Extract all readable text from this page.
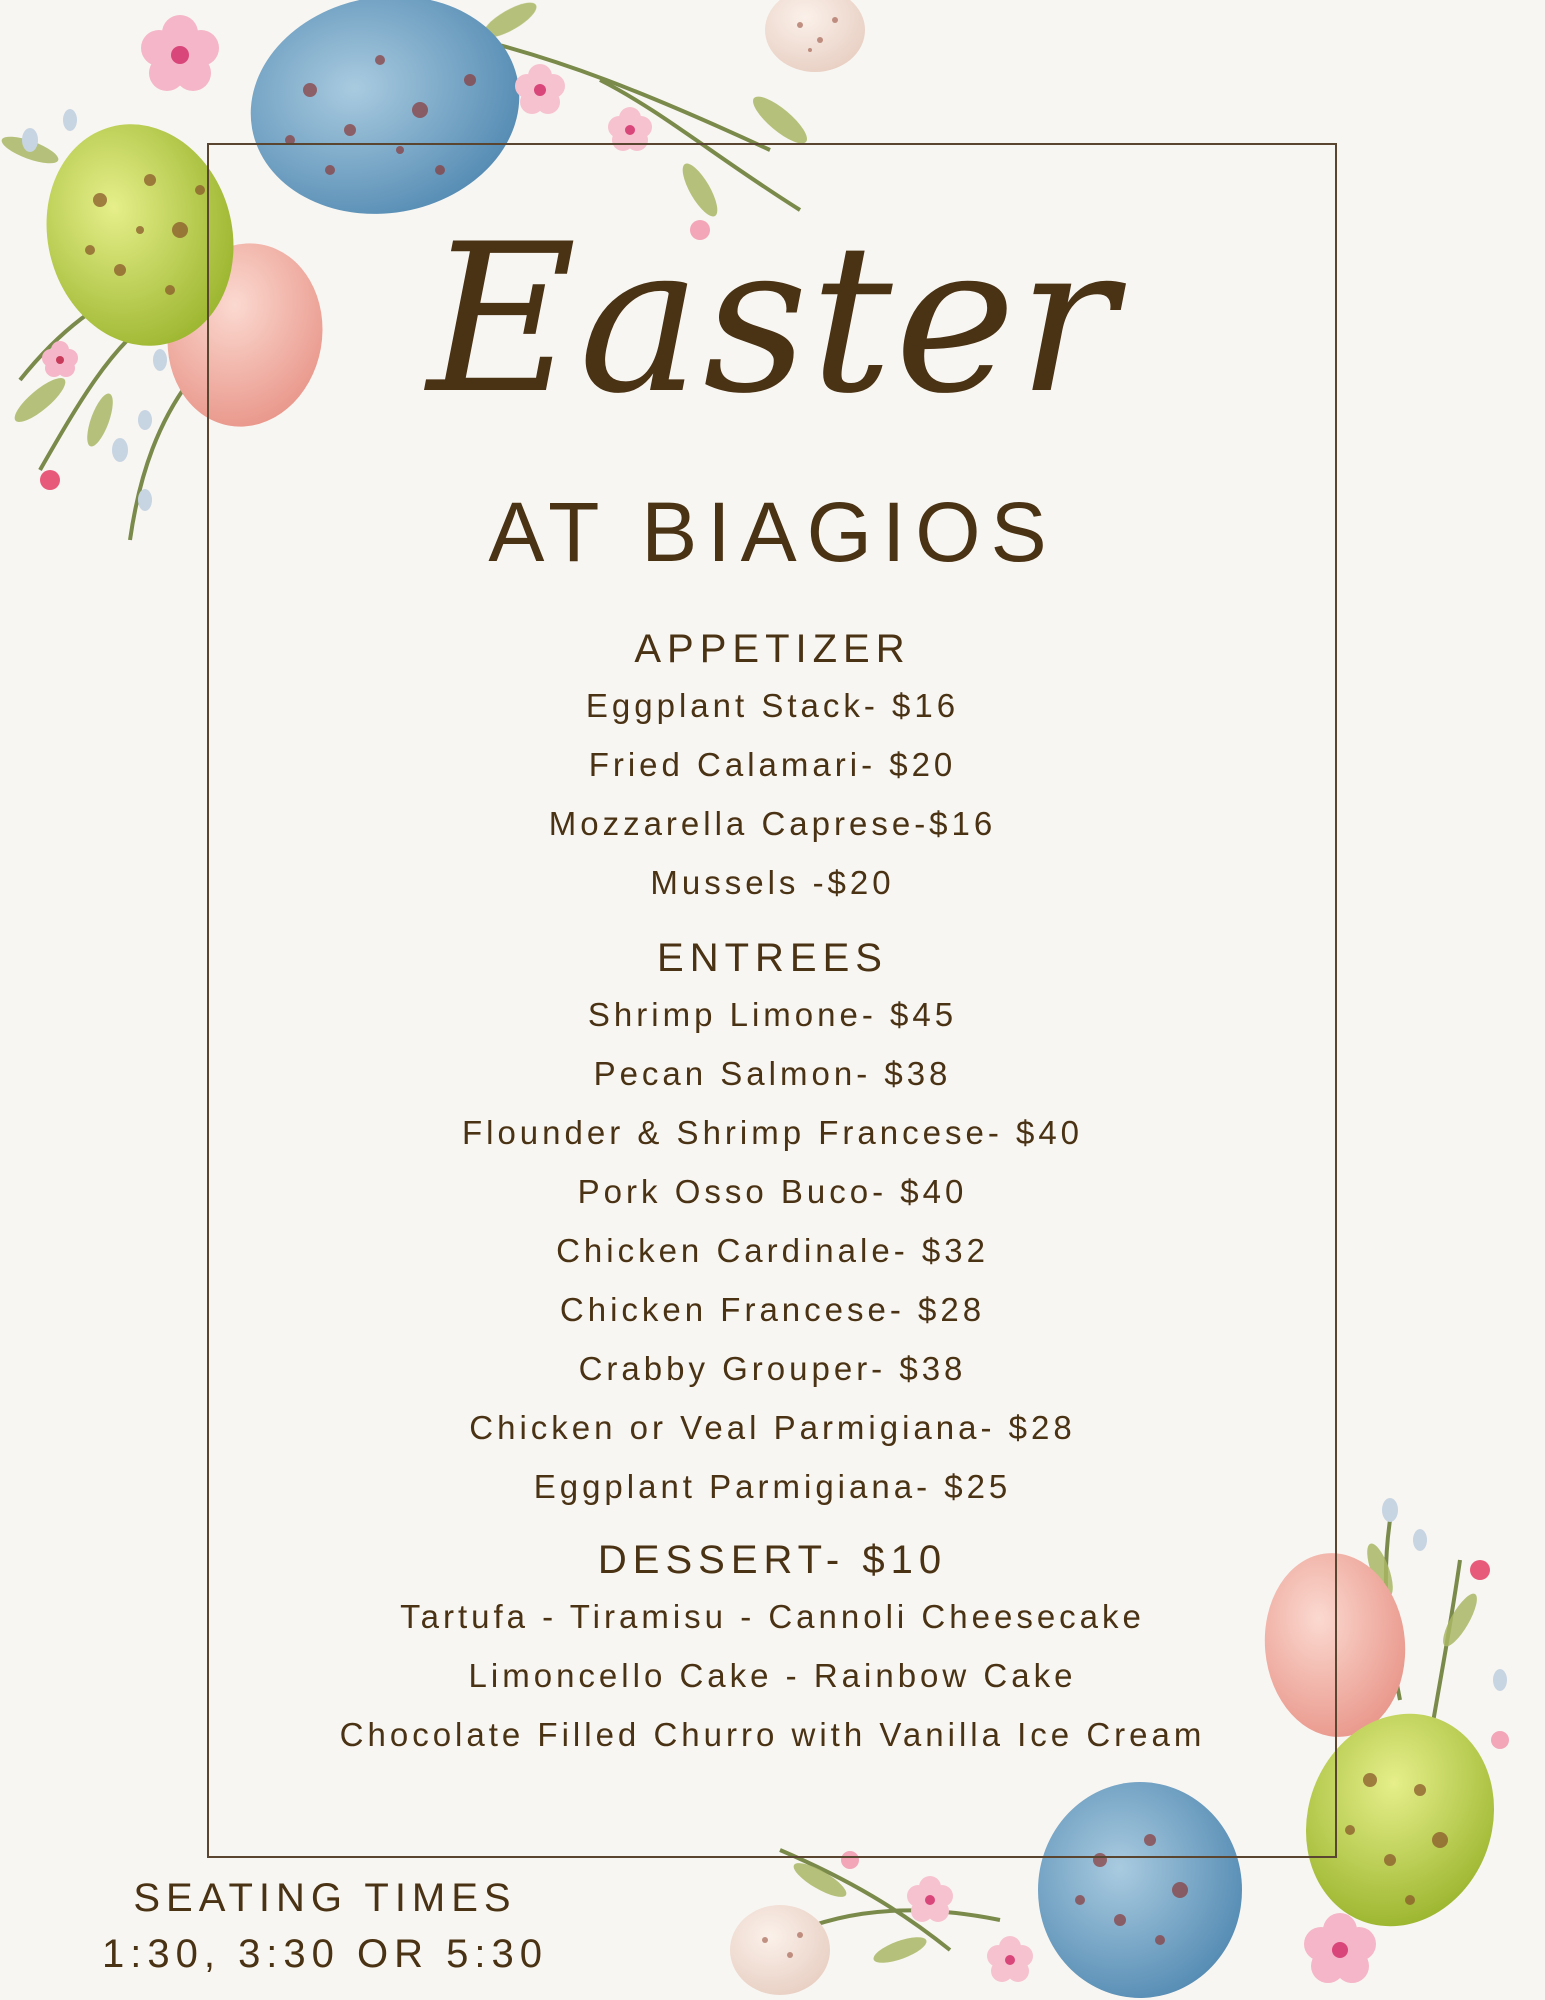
Easter
AT BIAGIOS
APPETIZER
Eggplant Stack- $16
Fried Calamari- $20
Mozzarella Caprese-$16
Mussels -$20
ENTREES
Shrimp Limone- $45
Pecan Salmon- $38
Flounder & Shrimp Francese- $40
Pork Osso Buco- $40
Chicken Cardinale- $32
Chicken Francese- $28
Crabby Grouper- $38
Chicken or Veal Parmigiana- $28
Eggplant Parmigiana- $25
DESSERT- $10
Tartufa - Tiramisu - Cannoli Cheesecake
Limoncello Cake - Rainbow Cake
Chocolate Filled Churro with Vanilla Ice Cream
SEATING TIMES
1:30, 3:30 OR 5:30
